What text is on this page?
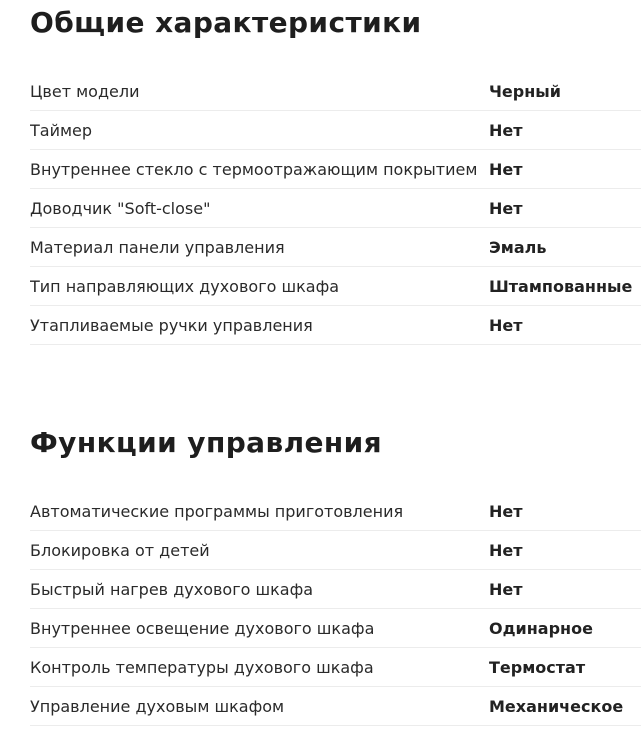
Общие характеристики
Цвет модели	Черный
Таймер	Нет
Внутреннее стекло с термоотражающим покрытием Нет
Доводчик "Soft-close"	Нет
Материал панели управления	Эмаль
Тип направляющих духового шкафа	Штампованные
Утапливаемые ручки управления	Нет
Функции управления
Автоматические программы приготовления	Нет
Блокировка от детей	Нет
Быстрый нагрев духового шкафа	Нет
Внутреннее освещение духового шкафа	Одинарное
Контроль температуры духового шкафа	Термостат
Управление духовым шкафом	Механическое
